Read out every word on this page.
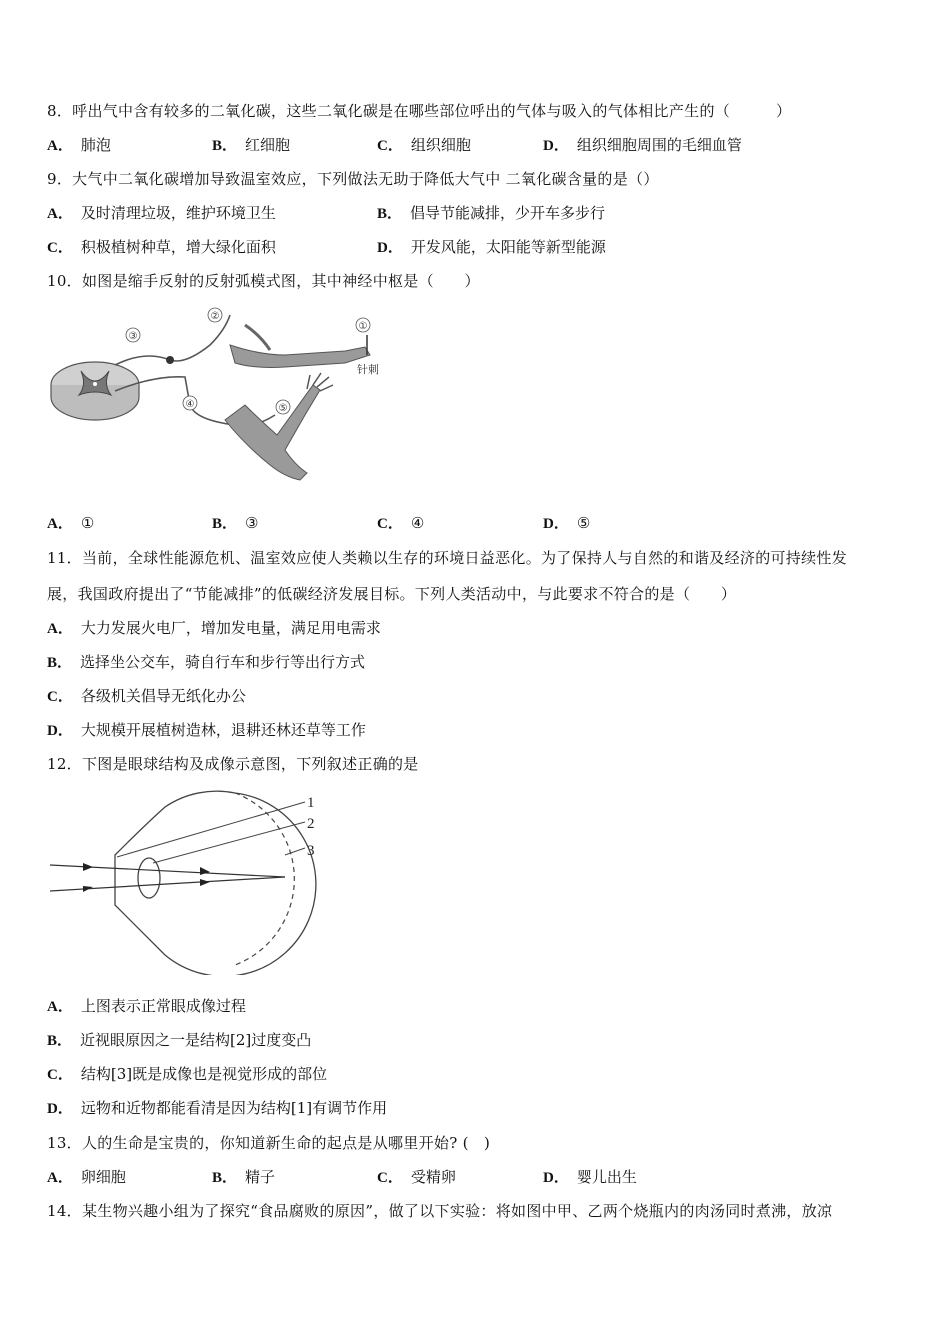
8．呼出气中含有较多的二氧化碳，这些二氧化碳是在哪些部位呼出的气体与吸入的气体相比产生的（　　　）
A． 肺泡	B． 红细胞	C． 组织细胞	D． 组织细胞周围的毛细血管
9．大气中二氧化碳增加导致温室效应，下列做法无助于降低大气中 二氧化碳含量的是（）
A． 及时清理垃圾，维护环境卫生	B． 倡导节能减排，少开车多步行
C． 积极植树种草，增大绿化面积	D． 开发风能，太阳能等新型能源
10．如图是缩手反射的反射弧模式图，其中神经中枢是（　　）
③
②
①
④	⑤
针刺
A． ①	B． ③	C． ④	D． ⑤
11．当前，全球性能源危机、温室效应使人类赖以生存的环境日益恶化。为了保持人与自然的和谐及经济的可持续性发
展，我国政府提出了“节能减排”的低碳经济发展目标。下列人类活动中，与此要求不符合的是（　　）
A． 大力发展火电厂，增加发电量，满足用电需求
B． 选择坐公交车，骑自行车和步行等出行方式
C． 各级机关倡导无纸化办公
D． 大规模开展植树造林，退耕还林还草等工作
12．下图是眼球结构及成像示意图，下列叙述正确的是
1
2
3
A． 上图表示正常眼成像过程
B． 近视眼原因之一是结构[2]过度变凸
C． 结构[3]既是成像也是视觉形成的部位
D． 远物和近物都能看清是因为结构[1]有调节作用
13．人的生命是宝贵的，你知道新生命的起点是从哪里开始? (　)
A． 卵细胞	B． 精子	C． 受精卵	D． 婴儿出生
14．某生物兴趣小组为了探究“食品腐败的原因”，做了以下实验：将如图中甲、乙两个烧瓶内的肉汤同时煮沸，放凉
